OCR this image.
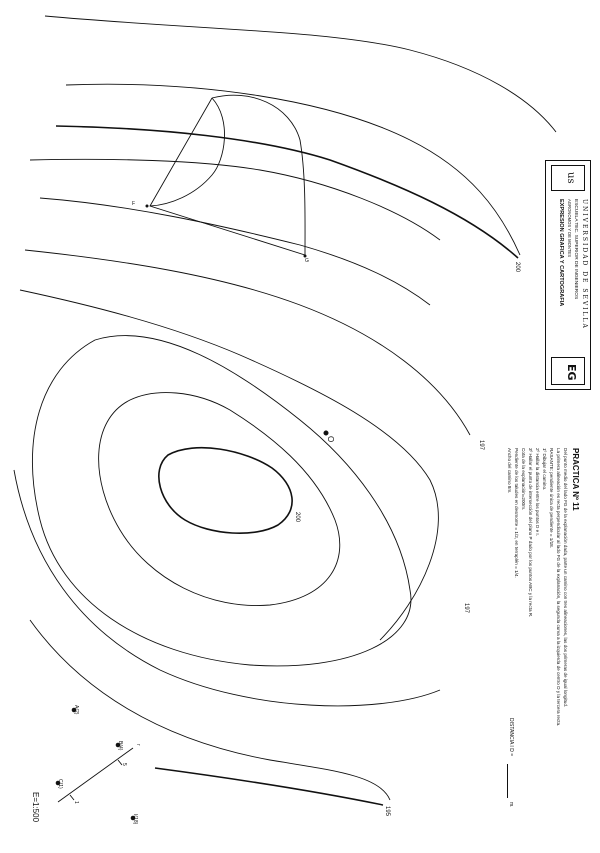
200
197
200
197
195
F
G
O
A(2)
B(4)
C(1)
I(18)
5
1
r
E=1:500
us
UNIVERSIDAD DE SEVILLA
ESCUELA TEC. SUPERIOR DE INGENIEROS
AGRONOMOS Y DE MONTES
EXPRESION GRAFICA Y CARTOGRAFIA
EG
PRACTICA Nº 11
Del punto medio del lado FG de la explanación dada, parte un camino con tres alineaciones, las dos primeras de igual longitud.
La primera alineación es recta perpendicular al lado FG de la explanación, la segunda curva a la izquierda de centro O y la tercera recta.
RASANTE: pendiente única de pendiente = 1/18.
1º Dibujar el camino.
2º Hallar la distancia entre los puntos D e I.
3º Hallar el punto de intersección del plano P dado por los puntos ABC y la recta R.
Cota de la explanación=200m.
Pendiente de los taludes en desmonte = 1/2, en terraplén = 1/4.
Ancho del camino 8m.
DISTANCIA I D =
m.
